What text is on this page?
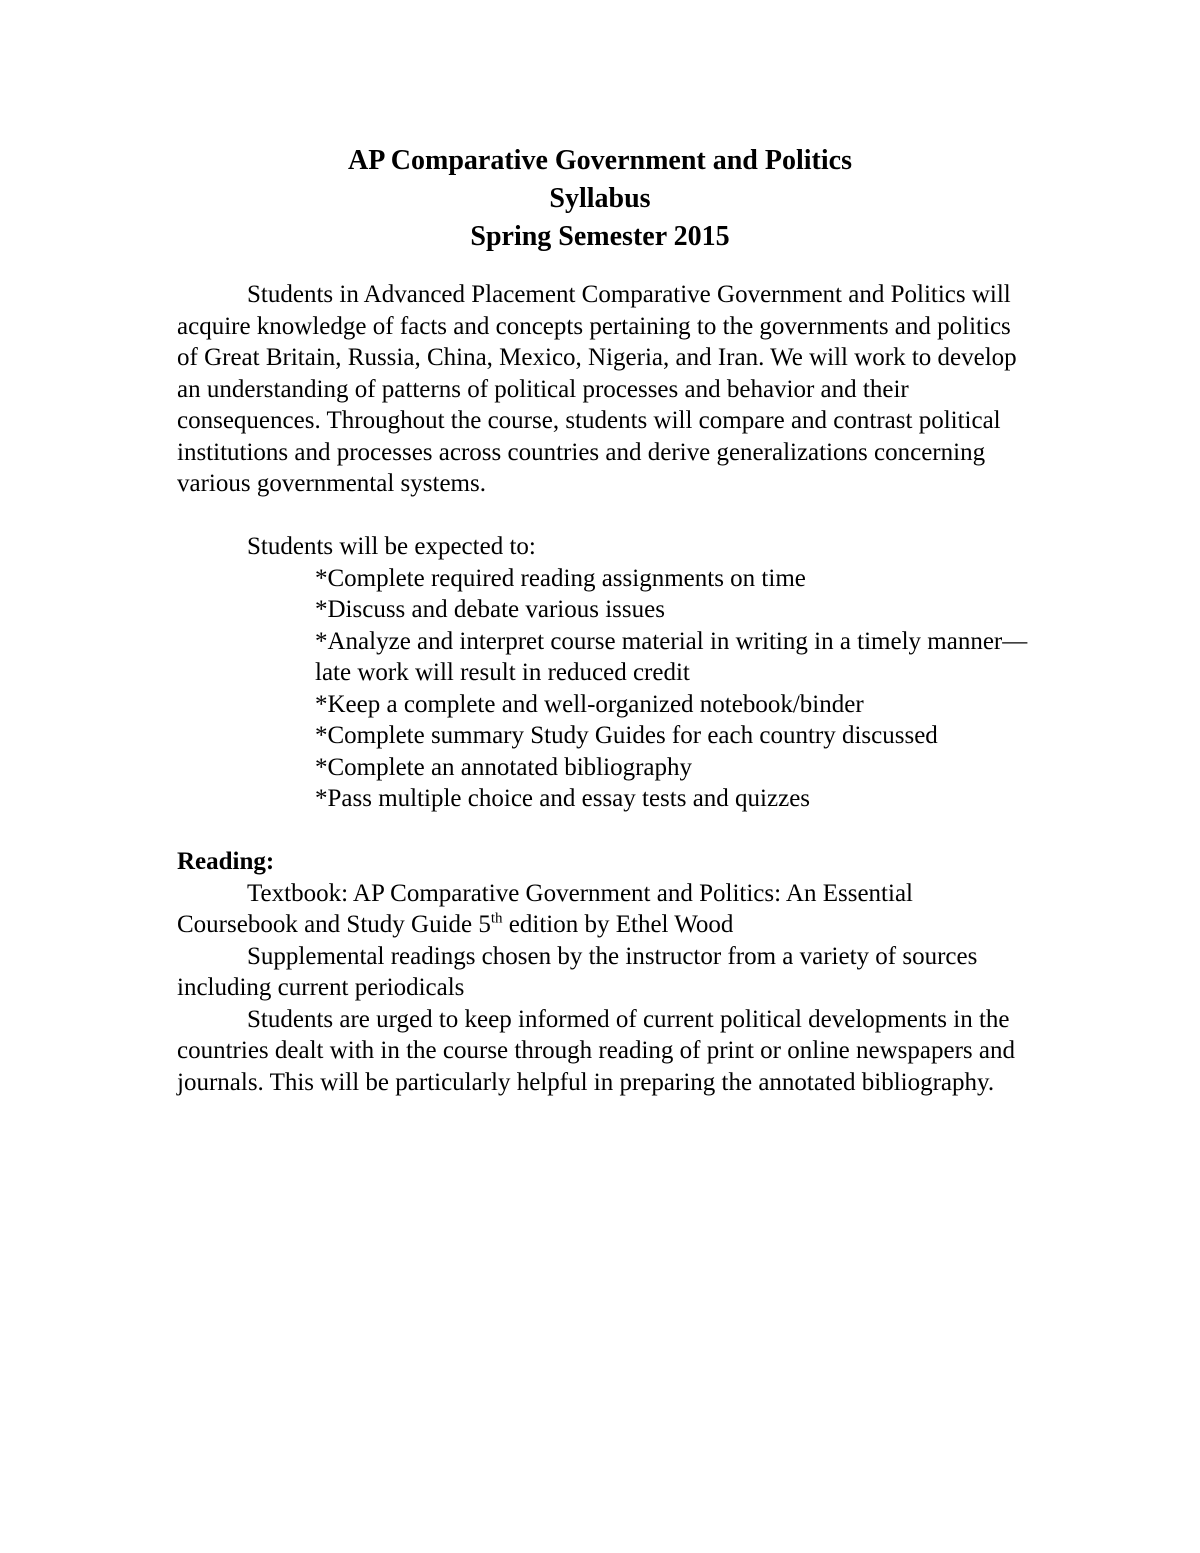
AP Comparative Government and Politics
Syllabus
Spring Semester 2015

Students in Advanced Placement Comparative Government and Politics will acquire knowledge of facts and concepts pertaining to the governments and politics of Great Britain, Russia, China, Mexico, Nigeria, and Iran. We will work to develop an understanding of patterns of political processes and behavior and their consequences. Throughout the course, students will compare and contrast political institutions and processes across countries and derive generalizations concerning various governmental systems.

Students will be expected to:

*Complete required reading assignments on time
*Discuss and debate various issues
*Analyze and interpret course material in writing in a timely manner—late work will result in reduced credit
*Keep a complete and well-organized notebook/binder
*Complete summary Study Guides for each country discussed
*Complete an annotated bibliography
*Pass multiple choice and essay tests and quizzes

Reading:

Textbook: AP Comparative Government and Politics: An Essential Coursebook and Study Guide 5th edition by Ethel Wood

Supplemental readings chosen by the instructor from a variety of sources including current periodicals

Students are urged to keep informed of current political developments in the countries dealt with in the course through reading of print or online newspapers and journals. This will be particularly helpful in preparing the annotated bibliography.
